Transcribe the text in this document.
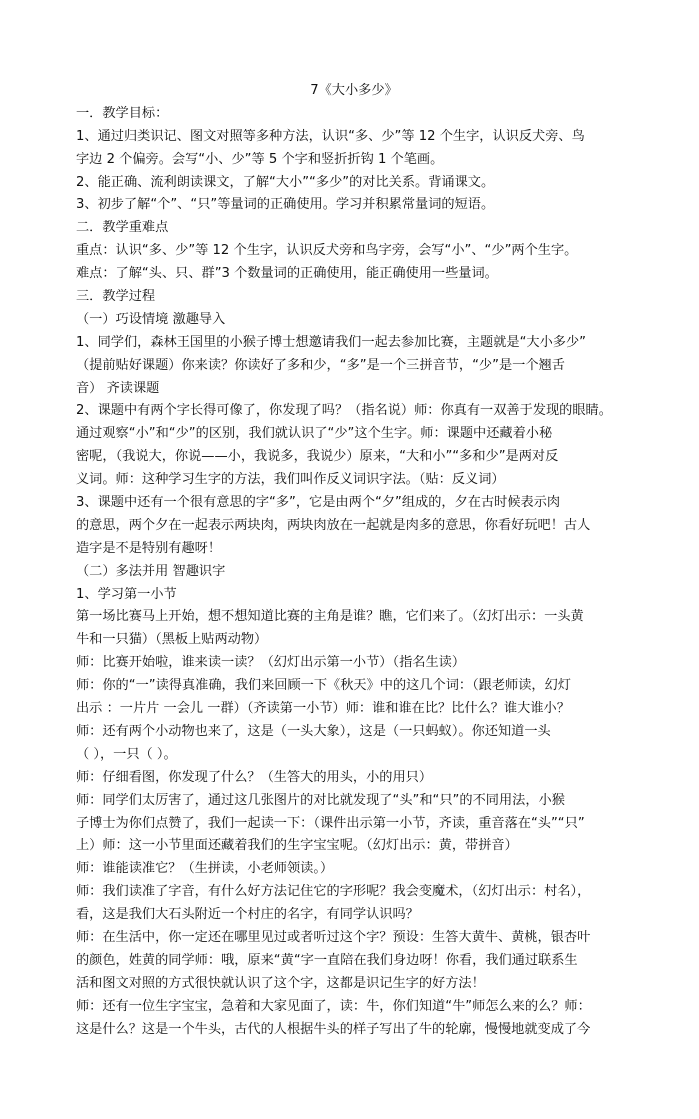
7《大小多少》
一．教学目标：
1、通过归类识记、图文对照等多种方法，认识“多、少”等 12 个生字，认识反犬旁、鸟
字边 2 个偏旁。会写“小、少”等 5 个字和竖折折钩 1 个笔画。
2、能正确、流利朗读课文，了解“大小”“多少”的对比关系。背诵课文。
3、初步了解“个”、“只”等量词的正确使用。学习并积累常量词的短语。
二．教学重难点
重点：认识“多、少”等 12 个生字，认识反犬旁和鸟字旁，会写“小”、“少”两个生字。
难点：了解“头、只、群”3 个数量词的正确使用，能正确使用一些量词。
三．教学过程
（一）巧设情境 激趣导入
1、同学们，森林王国里的小猴子博士想邀请我们一起去参加比赛，主题就是“大小多少”
（提前贴好课题）你来读？你读好了多和少，“多”是一个三拼音节，“少”是一个翘舌
音） 齐读课题
2、课题中有两个字长得可像了，你发现了吗？（指名说）师：你真有一双善于发现的眼睛。
通过观察“小”和“少”的区别，我们就认识了“少”这个生字。师：课题中还藏着小秘
密呢，（我说大，你说——小，我说多，我说少）原来，“大和小”“多和少”是两对反
义词。师：这种学习生字的方法，我们叫作反义词识字法。（贴：反义词）
3、课题中还有一个很有意思的字“多”，它是由两个“夕”组成的，夕在古时候表示肉
的意思，两个夕在一起表示两块肉，两块肉放在一起就是肉多的意思，你看好玩吧！古人
造字是不是特别有趣呀！
（二）多法并用 智趣识字
1、学习第一小节
第一场比赛马上开始，想不想知道比赛的主角是谁？瞧，它们来了。（幻灯出示：一头黄
牛和一只猫）（黑板上贴两动物）
师：比赛开始啦，谁来读一读？（幻灯出示第一小节）（指名生读）
师：你的“一”读得真准确，我们来回顾一下《秋天》中的这几个词：（跟老师读，幻灯
出示 ：一片片 一会儿 一群）（齐读第一小节）师：谁和谁在比？比什么？谁大谁小？
师：还有两个小动物也来了，这是（一头大象），这是（一只蚂蚁）。你还知道一头
（ ），一只（ ）。
师：仔细看图，你发现了什么？（生答大的用头，小的用只）
师：同学们太厉害了，通过这几张图片的对比就发现了“头”和“只”的不同用法，小猴
子博士为你们点赞了，我们一起读一下：（课件出示第一小节，齐读，重音落在“头”“只”
上）师：这一小节里面还藏着我们的生字宝宝呢。（幻灯出示：黄，带拼音）
师：谁能读准它？（生拼读，小老师领读。）
师：我们读准了字音，有什么好方法记住它的字形呢？我会变魔术，（幻灯出示：村名），
看，这是我们大石头附近一个村庄的名字，有同学认识吗？
师：在生活中，你一定还在哪里见过或者听过这个字？预设：生答大黄牛、黄桃，银杏叶
的颜色，姓黄的同学师：哦，原来“黄“字一直陪在我们身边呀！你看，我们通过联系生
活和图文对照的方式很快就认识了这个字，这都是识记生字的好方法！
师：还有一位生字宝宝，急着和大家见面了，读：牛，你们知道“牛”师怎么来的么？师：
这是什么？这是一个牛头，古代的人根据牛头的样子写出了牛的轮廓，慢慢地就变成了今
